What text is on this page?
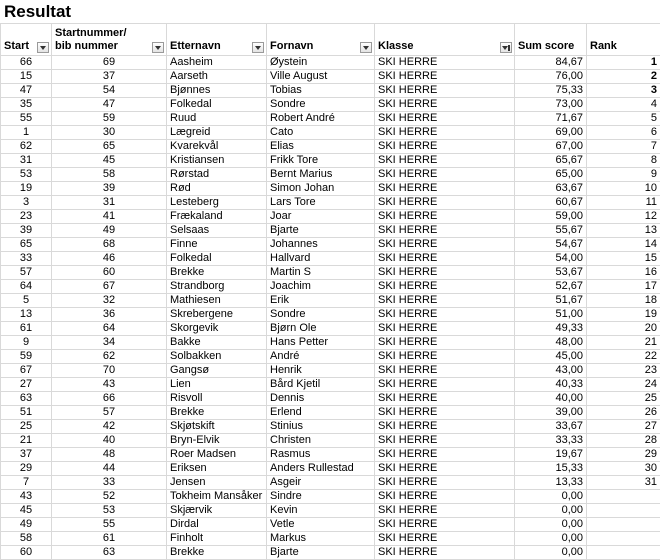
Resultat
Start	Startnummer/
bib nummer	Etternavn	Fornavn	Klasse	Sum score	Rank
66	69	Aasheim	Øystein	SKI HERRE	84,67	1
15	37	Aarseth	Ville August	SKI HERRE	76,00	2
47	54	Bjønnes	Tobias	SKI HERRE	75,33	3
35	47	Folkedal	Sondre	SKI HERRE	73,00	4
55	59	Ruud	Robert André	SKI HERRE	71,67	5
1	30	Lægreid	Cato	SKI HERRE	69,00	6
62	65	Kvarekvål	Elias	SKI HERRE	67,00	7
31	45	Kristiansen	Frikk Tore	SKI HERRE	65,67	8
53	58	Rørstad	Bernt Marius	SKI HERRE	65,00	9
19	39	Rød	Simon Johan	SKI HERRE	63,67	10
3	31	Lesteberg	Lars Tore	SKI HERRE	60,67	11
23	41	Frækaland	Joar	SKI HERRE	59,00	12
39	49	Selsaas	Bjarte	SKI HERRE	55,67	13
65	68	Finne	Johannes	SKI HERRE	54,67	14
33	46	Folkedal	Hallvard	SKI HERRE	54,00	15
57	60	Brekke	Martin S	SKI HERRE	53,67	16
64	67	Strandborg	Joachim	SKI HERRE	52,67	17
5	32	Mathiesen	Erik	SKI HERRE	51,67	18
13	36	Skrebergene	Sondre	SKI HERRE	51,00	19
61	64	Skorgevik	Bjørn Ole	SKI HERRE	49,33	20
9	34	Bakke	Hans Petter	SKI HERRE	48,00	21
59	62	Solbakken	André	SKI HERRE	45,00	22
67	70	Gangsø	Henrik	SKI HERRE	43,00	23
27	43	Lien	Bård Kjetil	SKI HERRE	40,33	24
63	66	Risvoll	Dennis	SKI HERRE	40,00	25
51	57	Brekke	Erlend	SKI HERRE	39,00	26
25	42	Skjøtskift	Stinius	SKI HERRE	33,67	27
21	40	Bryn-Elvik	Christen	SKI HERRE	33,33	28
37	48	Roer Madsen	Rasmus	SKI HERRE	19,67	29
29	44	Eriksen	Anders Rullestad	SKI HERRE	15,33	30
7	33	Jensen	Asgeir	SKI HERRE	13,33	31
43	52	Tokheim Mansåker	Sindre	SKI HERRE	0,00	
45	53	Skjærvik	Kevin	SKI HERRE	0,00	
49	55	Dirdal	Vetle	SKI HERRE	0,00	
58	61	Finholt	Markus	SKI HERRE	0,00	
60	63	Brekke	Bjarte	SKI HERRE	0,00	
